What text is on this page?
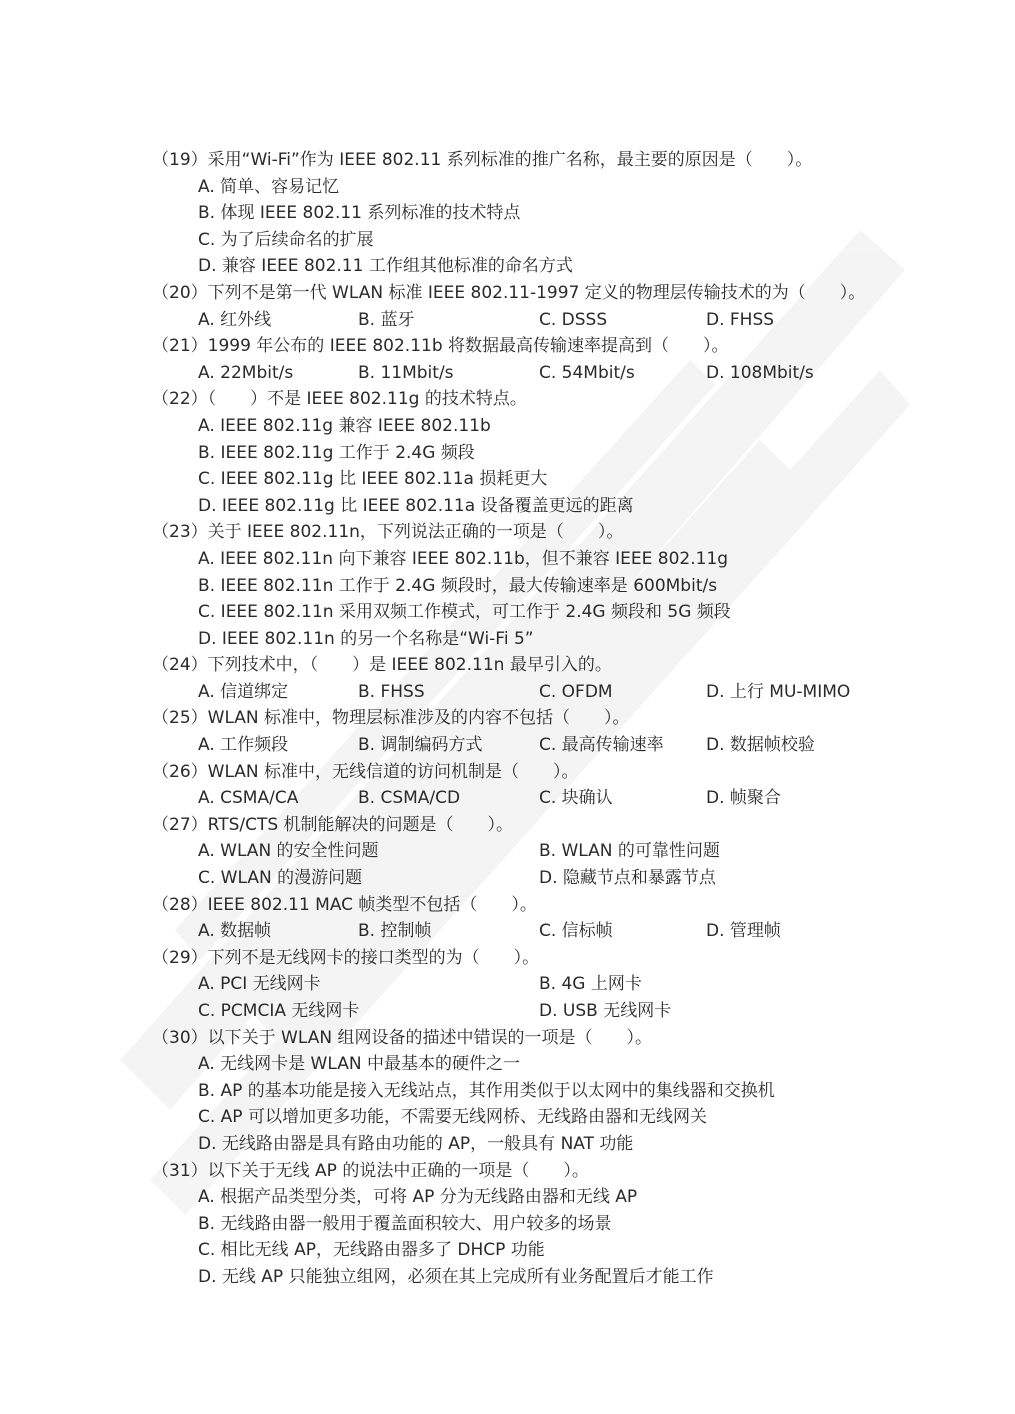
（19）采用“Wi-Fi”作为 IEEE 802.11 系列标准的推广名称，最主要的原因是（　　）。
A. 简单、容易记忆
B. 体现 IEEE 802.11 系列标准的技术特点
C. 为了后续命名的扩展
D. 兼容 IEEE 802.11 工作组其他标准的命名方式
（20）下列不是第一代 WLAN 标准 IEEE 802.11-1997 定义的物理层传输技术的为（　　）。
A. 红外线	B. 蓝牙	C. DSSS	D. FHSS
（21）1999 年公布的 IEEE 802.11b 将数据最高传输速率提高到（　　）。
A. 22Mbit/s	B. 11Mbit/s	C. 54Mbit/s	D. 108Mbit/s
（22）（　　）不是 IEEE 802.11g 的技术特点。
A. IEEE 802.11g 兼容 IEEE 802.11b
B. IEEE 802.11g 工作于 2.4G 频段
C. IEEE 802.11g 比 IEEE 802.11a 损耗更大
D. IEEE 802.11g 比 IEEE 802.11a 设备覆盖更远的距离
（23）关于 IEEE 802.11n，下列说法正确的一项是（　　）。
A. IEEE 802.11n 向下兼容 IEEE 802.11b，但不兼容 IEEE 802.11g
B. IEEE 802.11n 工作于 2.4G 频段时，最大传输速率是 600Mbit/s
C. IEEE 802.11n 采用双频工作模式，可工作于 2.4G 频段和 5G 频段
D. IEEE 802.11n 的另一个名称是“Wi-Fi 5”
（24）下列技术中，（　　）是 IEEE 802.11n 最早引入的。
A. 信道绑定	B. FHSS	C. OFDM	D. 上行 MU-MIMO
（25）WLAN 标准中，物理层标准涉及的内容不包括（　　）。
A. 工作频段	B. 调制编码方式	C. 最高传输速率	D. 数据帧校验
（26）WLAN 标准中，无线信道的访问机制是（　　）。
A. CSMA/CA	B. CSMA/CD	C. 块确认	D. 帧聚合
（27）RTS/CTS 机制能解决的问题是（　　）。
A. WLAN 的安全性问题	B. WLAN 的可靠性问题
C. WLAN 的漫游问题	D. 隐藏节点和暴露节点
（28）IEEE 802.11 MAC 帧类型不包括（　　）。
A. 数据帧	B. 控制帧	C. 信标帧	D. 管理帧
（29）下列不是无线网卡的接口类型的为（　　）。
A. PCI 无线网卡	B. 4G 上网卡
C. PCMCIA 无线网卡	D. USB 无线网卡
（30）以下关于 WLAN 组网设备的描述中错误的一项是（　　）。
A. 无线网卡是 WLAN 中最基本的硬件之一
B. AP 的基本功能是接入无线站点，其作用类似于以太网中的集线器和交换机
C. AP 可以增加更多功能，不需要无线网桥、无线路由器和无线网关
D. 无线路由器是具有路由功能的 AP，一般具有 NAT 功能
（31）以下关于无线 AP 的说法中正确的一项是（　　）。
A. 根据产品类型分类，可将 AP 分为无线路由器和无线 AP
B. 无线路由器一般用于覆盖面积较大、用户较多的场景
C. 相比无线 AP，无线路由器多了 DHCP 功能
D. 无线 AP 只能独立组网，必须在其上完成所有业务配置后才能工作
